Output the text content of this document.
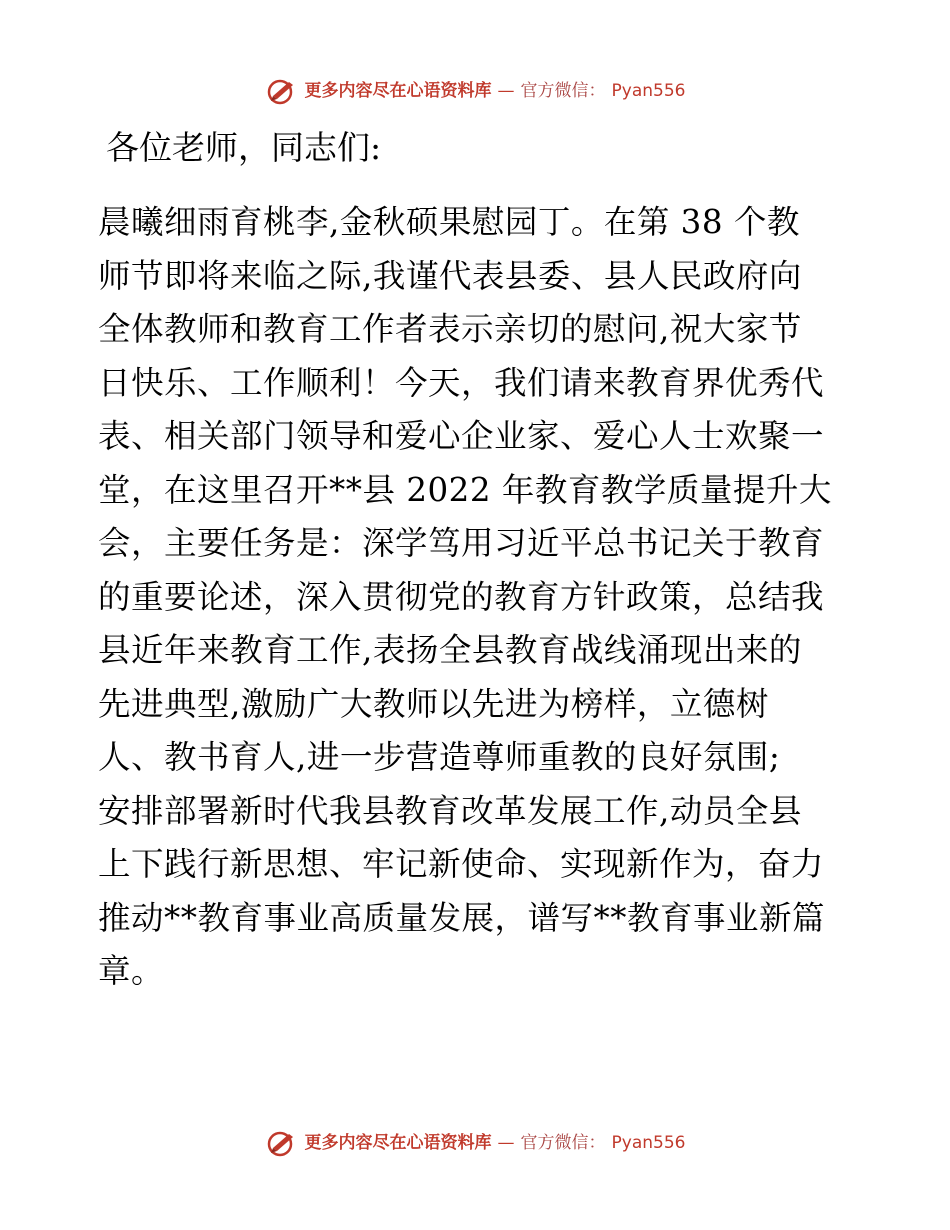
更多内容尽在心语资料库 — 官方微信： Pyan556
各位老师，同志们:
晨曦细雨育桃李,金秋硕果慰园丁。在第 38 个教
师节即将来临之际,我谨代表县委、县人民政府向
全体教师和教育工作者表示亲切的慰问,祝大家节
日快乐、工作顺利！今天，我们请来教育界优秀代
表、相关部门领导和爱心企业家、爱心人士欢聚一
堂，在这里召开**县 2022 年教育教学质量提升大
会，主要任务是：深学笃用习近平总书记关于教育
的重要论述，深入贯彻党的教育方针政策，总结我
县近年来教育工作,表扬全县教育战线涌现出来的
先进典型,激励广大教师以先进为榜样，立德树
人、教书育人,进一步营造尊师重教的良好氛围;
安排部署新时代我县教育改革发展工作,动员全县
上下践行新思想、牢记新使命、实现新作为，奋力
推动**教育事业高质量发展，谱写**教育事业新篇
章。
更多内容尽在心语资料库 — 官方微信： Pyan556
